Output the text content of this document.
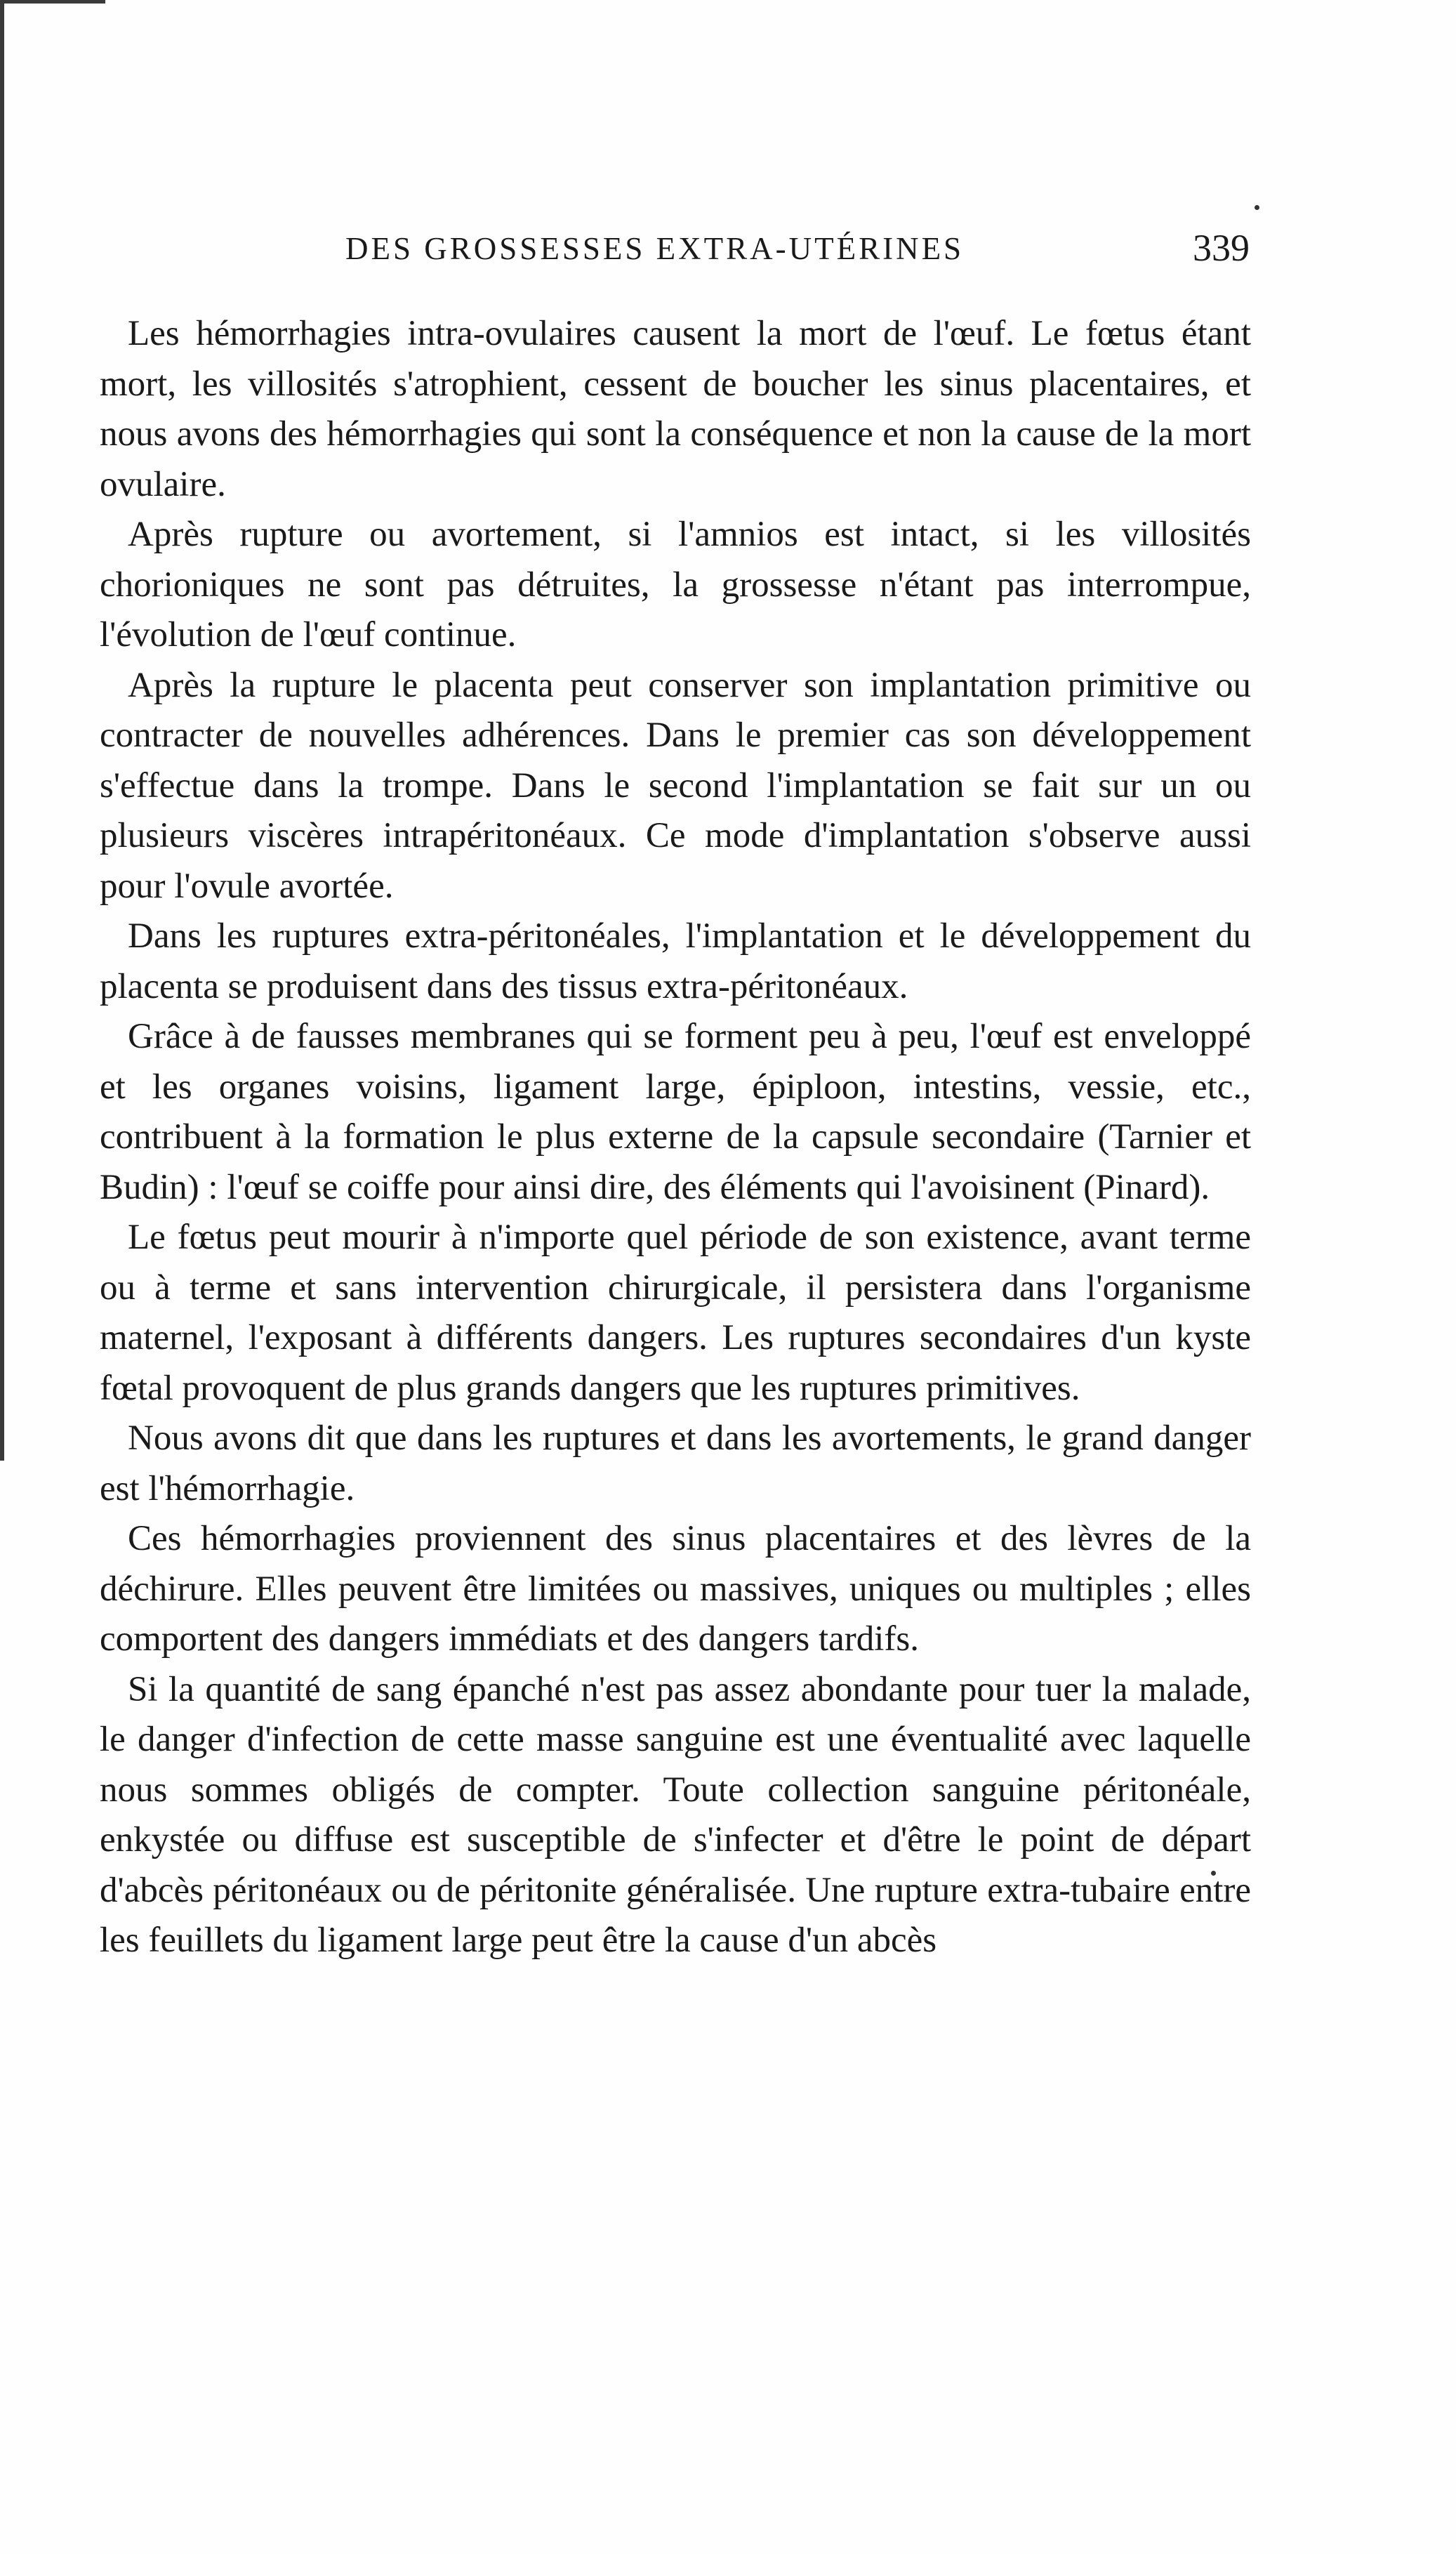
DES GROSSESSES EXTRA-UTÉRINES	339

Les hémorrhagies intra-ovulaires causent la mort de l'œuf. Le fœtus étant mort, les villosités s'atrophient, cessent de boucher les sinus placentaires, et nous avons des hémorrhagies qui sont la conséquence et non la cause de la mort ovulaire.

Après rupture ou avortement, si l'amnios est intact, si les villosités chorioniques ne sont pas détruites, la grossesse n'étant pas interrompue, l'évolution de l'œuf continue.

Après la rupture le placenta peut conserver son implantation primitive ou contracter de nouvelles adhérences. Dans le premier cas son développement s'effectue dans la trompe. Dans le second l'implantation se fait sur un ou plusieurs viscères intrapéritonéaux. Ce mode d'implantation s'observe aussi pour l'ovule avortée.

Dans les ruptures extra-péritonéales, l'implantation et le développement du placenta se produisent dans des tissus extra-péritonéaux.

Grâce à de fausses membranes qui se forment peu à peu, l'œuf est enveloppé et les organes voisins, ligament large, épiploon, intestins, vessie, etc., contribuent à la formation le plus externe de la capsule secondaire (Tarnier et Budin) : l'œuf se coiffe pour ainsi dire, des éléments qui l'avoisinent (Pinard).

Le fœtus peut mourir à n'importe quel période de son existence, avant terme ou à terme et sans intervention chirurgicale, il persistera dans l'organisme maternel, l'exposant à différents dangers. Les ruptures secondaires d'un kyste fœtal provoquent de plus grands dangers que les ruptures primitives.

Nous avons dit que dans les ruptures et dans les avortements, le grand danger est l'hémorrhagie.

Ces hémorrhagies proviennent des sinus placentaires et des lèvres de la déchirure. Elles peuvent être limitées ou massives, uniques ou multiples ; elles comportent des dangers immédiats et des dangers tardifs.

Si la quantité de sang épanché n'est pas assez abondante pour tuer la malade, le danger d'infection de cette masse sanguine est une éventualité avec laquelle nous sommes obligés de compter. Toute collection sanguine péritonéale, enkystée ou diffuse est susceptible de s'infecter et d'être le point de départ d'abcès péritonéaux ou de péritonite généralisée. Une rupture extra-tubaire entre les feuillets du ligament large peut être la cause d'un abcès
